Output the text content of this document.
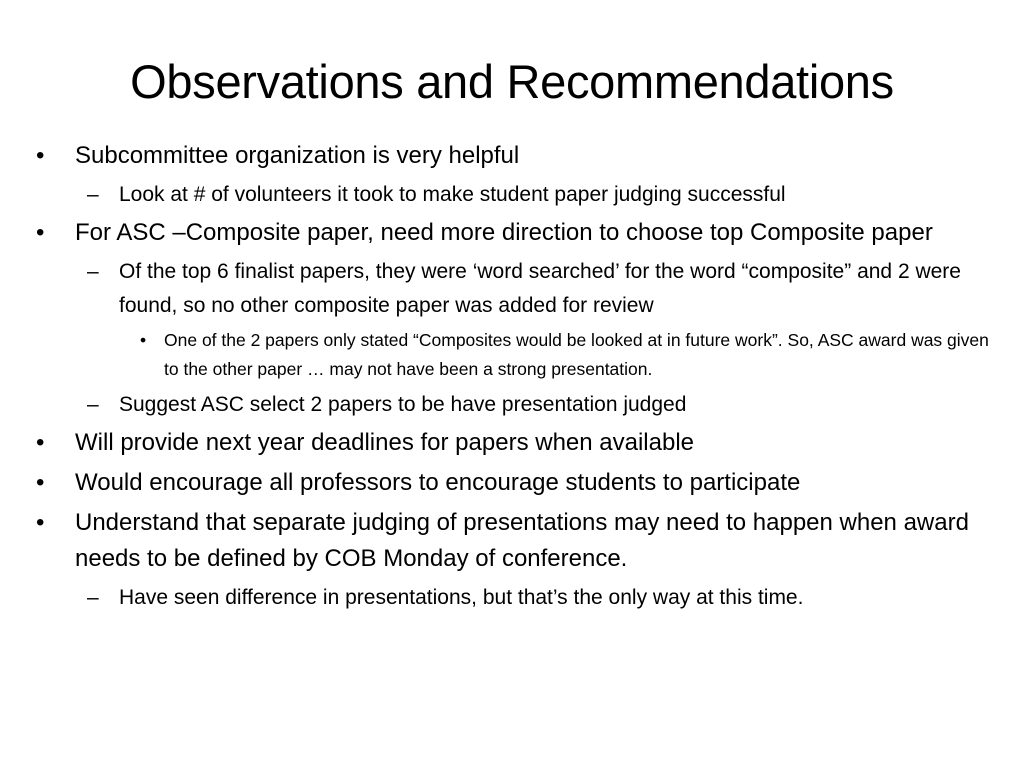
Observations and Recommendations
• Subcommittee organization is very helpful
– Look at # of volunteers it took to make student paper judging successful
• For ASC –Composite paper, need more direction to choose top Composite paper
– Of the top 6 finalist papers, they were ‘word searched’ for the word “composite” and 2 were found, so no other composite paper was added for review
• One of the 2 papers only stated “Composites would be looked at in future work”. So, ASC award was given to the other paper … may not have been a strong presentation.
– Suggest ASC select 2 papers to be have presentation judged
• Will provide next year deadlines for papers when available
• Would encourage all professors to encourage students to participate
• Understand that separate judging of presentations may need to happen when award needs to be defined by COB Monday of conference.
– Have seen difference in presentations, but that’s the only way at this time.
